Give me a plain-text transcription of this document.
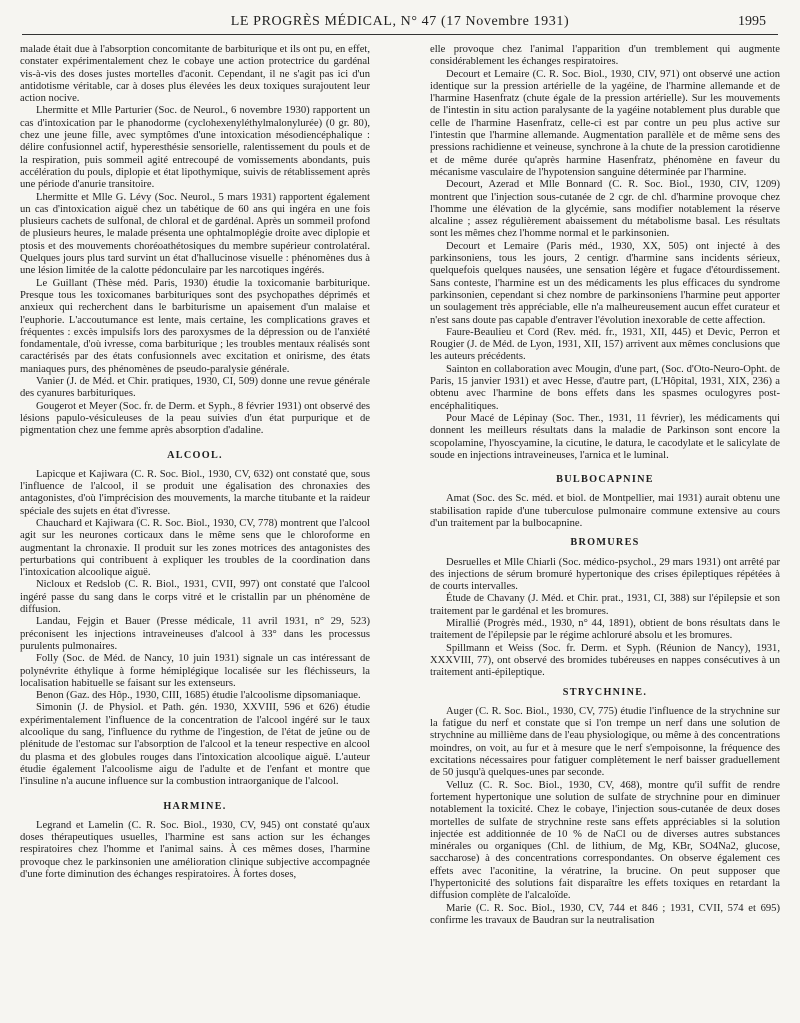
LE PROGRÈS MÉDICAL, N° 47 (17 Novembre 1931)	1995

malade était due à l'absorption concomitante de barbiturique et ils ont pu, en effet, constater expérimentalement chez le cobaye une action protectrice du gardénal vis-à-vis des doses justes mortelles d'aconit. Cependant, il ne s'agit pas ici d'un antidotisme véritable, car à doses plus élevées les deux toxiques surajoutent leur action nocive.

Lhermitte et Mlle Parturier (Soc. de Neurol., 6 novembre 1930) rapportent un cas d'intoxication par le phanodorme (cyclohexenyléthylmalonylurée) (0 gr. 80), chez une jeune fille, avec symptômes d'une intoxication mésodiencéphalique : délire confusionnel actif, hyperesthésie sensorielle, ralentissement du pouls et de la respiration, puis sommeil agité entrecoupé de vomissements abondants, puis accélération du pouls, diplopie et état lipothymique, suivis de rétablissement après une période d'anurie transitoire.

Lhermitte et Mlle G. Lévy (Soc. Neurol., 5 mars 1931) rapportent également un cas d'intoxication aiguë chez un tabétique de 60 ans qui ingéra en une fois plusieurs cachets de sulfonal, de chloral et de gardénal. Après un sommeil profond de plusieurs heures, le malade présenta une ophtalmoplégie droite avec diplopie et ptosis et des mouvements choréoathétosiques du membre supérieur controlatéral. Quelques jours plus tard survint un état d'hallucinose visuelle : phénomènes dus à une lésion limitée de la calotte pédonculaire par les narcotiques ingérés.

Le Guillant (Thèse méd. Paris, 1930) étudie la toxicomanie barbiturique. Presque tous les toxicomanes barbituriques sont des psychopathes déprimés et anxieux qui recherchent dans le barbiturisme un apaisement d'un malaise et l'euphorie. L'accoutumance est lente, mais certaine, les complications graves et fréquentes : excès impulsifs lors des paroxysmes de la dépression ou de l'anxiété fondamentale, d'où ivresse, coma barbiturique ; les troubles mentaux réalisés sont caractérisés par des états confusionnels avec excitation et onirisme, des états maniaques purs, des phénomènes de pseudo-paralysie générale.

Vanier (J. de Méd. et Chir. pratiques, 1930, CI, 509) donne une revue générale des cyanures barbituriques.

Gougerot et Meyer (Soc. fr. de Derm. et Syph., 8 février 1931) ont observé des lésions papulo-vésiculeuses de la peau suivies d'un état purpurique et de pigmentation chez une femme après absorption d'adaline.

ALCOOL.

Lapicque et Kajiwara (C. R. Soc. Biol., 1930, CV, 632) ont constaté que, sous l'influence de l'alcool, il se produit une égalisation des chronaxies des antagonistes, d'où l'imprécision des mouvements, la marche titubante et la raideur spéciale des sujets en état d'ivresse.

Chauchard et Kajiwara (C. R. Soc. Biol., 1930, CV, 778) montrent que l'alcool agit sur les neurones corticaux dans le même sens que le chloroforme en augmentant la chronaxie. Il produit sur les zones motrices des antagonistes des perturbations qui contribuent à expliquer les troubles de la coordination dans l'intoxication alcoolique aiguë.

Nicloux et Redslob (C. R. Biol., 1931, CVII, 997) ont constaté que l'alcool ingéré passe du sang dans le corps vitré et le cristallin par un phénomène de diffusion.

Landau, Fejgin et Bauer (Presse médicale, 11 avril 1931, n° 29, 523) préconisent les injections intraveineuses d'alcool à 33° dans les processus purulents pulmonaires.

Folly (Soc. de Méd. de Nancy, 10 juin 1931) signale un cas intéressant de polynévrite éthylique à forme hémiplégique localisée sur les fléchisseurs, la localisation habituelle se faisant sur les extenseurs.

Benon (Gaz. des Hôp., 1930, CIII, 1685) étudie l'alcoolisme dipsomaniaque.

Simonin (J. de Physiol. et Path. gén. 1930, XXVIII, 596 et 626) étudie expérimentalement l'influence de la concentration de l'alcool ingéré sur le taux alcoolique du sang, l'influence du rythme de l'ingestion, de l'état de jeûne ou de plénitude de l'estomac sur l'absorption de l'alcool et la teneur respective en alcool du plasma et des globules rouges dans l'intoxication alcoolique aiguë. L'auteur étudie également l'alcoolisme aigu de l'adulte et de l'enfant et montre que l'insuline n'a aucune influence sur la combustion intraorganique de l'alcool.

HARMINE.

Legrand et Lamelin (C. R. Soc. Biol., 1930, CV, 945) ont constaté qu'aux doses thérapeutiques usuelles, l'harmine est sans action sur les échanges respiratoires chez l'homme et l'animal sains. À ces mêmes doses, l'harmine provoque chez le parkinsonien une amélioration clinique subjective accompagnée d'une forte diminution des échanges respiratoires. À fortes doses,

elle provoque chez l'animal l'apparition d'un tremblement qui augmente considérablement les échanges respiratoires.

Decourt et Lemaire (C. R. Soc. Biol., 1930, CIV, 971) ont observé une action identique sur la pression artérielle de la yagéine, de l'harmine allemande et de l'harmine Hasenfratz (chute égale de la pression artérielle). Sur les mouvements de l'intestin in situ action paralysante de la yagéine notablement plus durable que celle de l'harmine Hasenfratz, celle-ci est par contre un peu plus active sur l'intestin que l'harmine allemande. Augmentation parallèle et de même sens des pressions rachidienne et veineuse, synchrone à la chute de la pression carotidienne et de même durée qu'après harmine Hasenfratz, phénomène en faveur du mécanisme vasculaire de l'hypotension sanguine déterminée par l'harmine.

Decourt, Azerad et Mlle Bonnard (C. R. Soc. Biol., 1930, CIV, 1209) montrent que l'injection sous-cutanée de 2 cgr. de chl. d'harmine provoque chez l'homme une élévation de la glycémie, sans modifier notablement la réserve alcaline ; assez régulièrement abaissement du métabolisme basal. Les résultats sont les mêmes chez l'homme normal et le parkinsonien.

Decourt et Lemaire (Paris méd., 1930, XX, 505) ont injecté à des parkinsoniens, tous les jours, 2 centigr. d'harmine sans incidents sérieux, quelquefois quelques nausées, une sensation légère et fugace d'étourdissement. Sans conteste, l'harmine est un des médicaments les plus efficaces du syndrome parkinsonien, cependant si chez nombre de parkinsoniens l'harmine peut apporter un soulagement très appréciable, elle n'a malheureusement aucun effet curateur et n'est sans doute pas capable d'entraver l'évolution inexorable de cette affection.

Faure-Beaulieu et Cord (Rev. méd. fr., 1931, XII, 445) et Devic, Perron et Rougier (J. de Méd. de Lyon, 1931, XII, 157) arrivent aux mêmes conclusions que les auteurs précédents.

Sainton en collaboration avec Mougin, d'une part, (Soc. d'Oto-Neuro-Opht. de Paris, 15 janvier 1931) et avec Hesse, d'autre part, (L'Hôpital, 1931, XIX, 236) a obtenu avec l'harmine de bons effets dans les spasmes oculogyres post-encéphalitiques.

Pour Macé de Lépinay (Soc. Ther., 1931, 11 février), les médicaments qui donnent les meilleurs résultats dans la maladie de Parkinson sont encore la scopolamine, l'hyoscyamine, la cicutine, le datura, le cacodylate et le salicylate de soude en injections intraveineuses, l'arnica et le luminal.

BULBOCAPNINE

Amat (Soc. des Sc. méd. et biol. de Montpellier, mai 1931) aurait obtenu une stabilisation rapide d'une tuberculose pulmonaire commune extensive au cours d'un traitement par la bulbocapnine.

BROMURES

Desruelles et Mlle Chiarli (Soc. médico-psychol., 29 mars 1931) ont arrêté par des injections de sérum bromuré hypertonique des crises épileptiques répétées à de courts intervalles.

Étude de Chavany (J. Méd. et Chir. prat., 1931, CI, 388) sur l'épilepsie et son traitement par le gardénal et les bromures.

Mirallié (Progrès méd., 1930, n° 44, 1891), obtient de bons résultats dans le traitement de l'épilepsie par le régime achloruré absolu et les bromures.

Spillmann et Weiss (Soc. fr. Derm. et Syph. (Réunion de Nancy), 1931, XXXVIII, 77), ont observé des bromides tubéreuses en nappes consécutives à un traitement anti-épileptique.

STRYCHNINE.

Auger (C. R. Soc. Biol., 1930, CV, 775) étudie l'influence de la strychnine sur la fatigue du nerf et constate que si l'on trempe un nerf dans une solution de strychnine au millième dans de l'eau physiologique, ou même à des concentrations moindres, on voit, au fur et à mesure que le nerf s'empoisonne, la fréquence des excitations nécessaires pour fatiguer complètement le nerf baisser graduellement de 50 jusqu'à quelques-unes par seconde.

Velluz (C. R. Soc. Biol., 1930, CV, 468), montre qu'il suffit de rendre fortement hypertonique une solution de sulfate de strychnine pour en diminuer notablement la toxicité. Chez le cobaye, l'injection sous-cutanée de deux doses mortelles de sulfate de strychnine reste sans effets appréciables si la solution injectée est additionnée de 10 % de NaCl ou de diverses autres substances minérales ou organiques (Chl. de lithium, de Mg, KBr, SO4Na2, glucose, saccharose) à des concentrations correspondantes. On observe également ces effets avec l'aconitine, la vératrine, la brucine. On peut supposer que l'hypertonicité des solutions fait disparaître les effets toxiques en retardant la diffusion complète de l'alcaloïde.

Marie (C. R. Soc. Biol., 1930, CV, 744 et 846 ; 1931, CVII, 574 et 695) confirme les travaux de Baudran sur la neutralisation
